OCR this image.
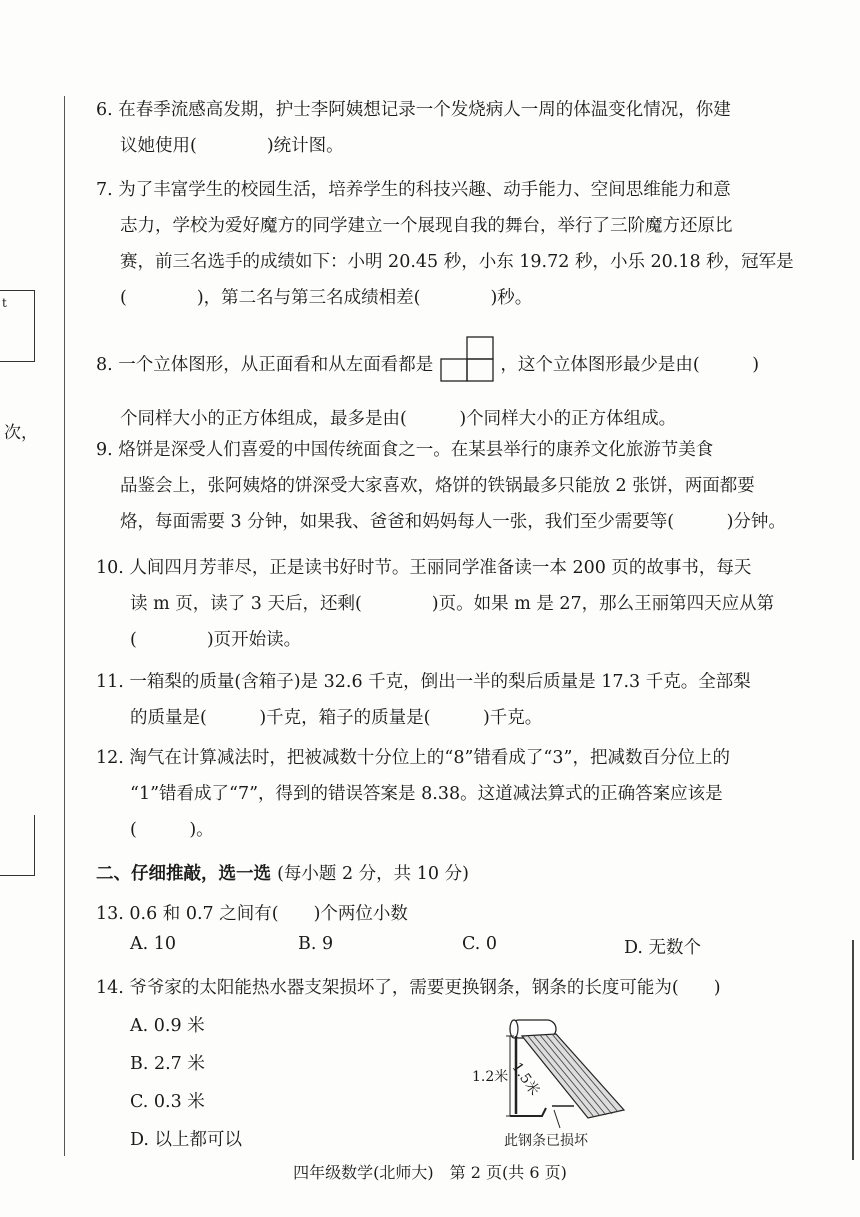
t
次，
6. 在春季流感高发期，护士李阿姨想记录一个发烧病人一周的体温变化情况，你建
议她使用(　　　　)统计图。
7. 为了丰富学生的校园生活，培养学生的科技兴趣、动手能力、空间思维能力和意
志力，学校为爱好魔方的同学建立一个展现自我的舞台，举行了三阶魔方还原比
赛，前三名选手的成绩如下：小明 20.45 秒，小东 19.72 秒，小乐 20.18 秒，冠军是
(　　　　)，第二名与第三名成绩相差(　　　　)秒。
8. 一个立体图形，从正面看和从左面看都是	，这个立体图形最少是由(　　　)
个同样大小的正方体组成，最多是由(　　　)个同样大小的正方体组成。
9. 烙饼是深受人们喜爱的中国传统面食之一。在某县举行的康养文化旅游节美食
品鉴会上，张阿姨烙的饼深受大家喜欢，烙饼的铁锅最多只能放 2 张饼，两面都要
烙，每面需要 3 分钟，如果我、爸爸和妈妈每人一张，我们至少需要等(　　　)分钟。
10. 人间四月芳菲尽，正是读书好时节。王丽同学准备读一本 200 页的故事书，每天
读 m 页，读了 3 天后，还剩(　　　　)页。如果 m 是 27，那么王丽第四天应从第
(　　　　)页开始读。
11. 一箱梨的质量(含箱子)是 32.6 千克，倒出一半的梨后质量是 17.3 千克。全部梨
的质量是(　　　)千克，箱子的质量是(　　　)千克。
12. 淘气在计算减法时，把被减数十分位上的“8”错看成了“3”，把减数百分位上的
“1”错看成了“7”，得到的错误答案是 8.38。这道减法算式的正确答案应该是
(　　　)。
二、仔细推敲，选一选 (每小题 2 分，共 10 分)
13. 0.6 和 0.7 之间有(　　)个两位小数
A. 10	B. 9	C. 0	D. 无数个
14. 爷爷家的太阳能热水器支架损坏了，需要更换钢条，钢条的长度可能为(　　)
A. 0.9 米
B. 2.7 米
C. 0.3 米
D. 以上都可以
1.2米 1.5米
此钢条已损坏
四年级数学(北师大)　第 2 页(共 6 页)
